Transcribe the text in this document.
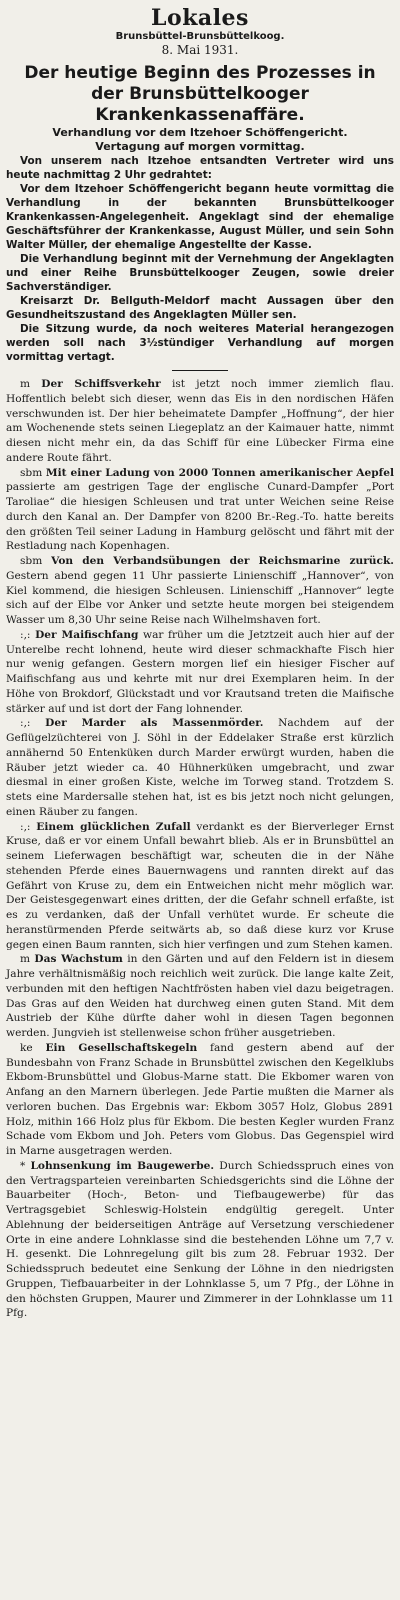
Lokales
Brunsbüttel-Brunsbüttelkoog.
8. Mai 1931.
Der heutige Beginn des Prozesses in der Brunsbüttelkooger Krankenkassenaffäre.
Verhandlung vor dem Itzehoer Schöffengericht.
Vertagung auf morgen vormittag.

Von unserem nach Itzehoe entsandten Vertreter wird uns heute nachmittag 2 Uhr gedrahtet:

Vor dem Itzehoer Schöffengericht begann heute vormittag die Verhandlung in der bekannten Brunsbüttelkooger Krankenkassen-Angelegenheit. Angeklagt sind der ehemalige Geschäftsführer der Krankenkasse, August Müller, und sein Sohn Walter Müller, der ehemalige Angestellte der Kasse.

Die Verhandlung beginnt mit der Vernehmung der Angeklagten und einer Reihe Brunsbüttelkooger Zeugen, sowie dreier Sachverständiger.

Kreisarzt Dr. Bellguth-Meldorf macht Aussagen über den Gesundheitszustand des Angeklagten Müller sen.

Die Sitzung wurde, da noch weiteres Material herangezogen werden soll nach 3½stündiger Verhandlung auf morgen vormittag vertagt.

m Der Schiffsverkehr ist jetzt noch immer ziemlich flau. Hoffentlich belebt sich dieser, wenn das Eis in den nordischen Häfen verschwunden ist. Der hier beheimatete Dampfer „Hoffnung“, der hier am Wochenende stets seinen Liegeplatz an der Kaimauer hatte, nimmt diesen nicht mehr ein, da das Schiff für eine Lübecker Firma eine andere Route fährt.

sbm Mit einer Ladung von 2000 Tonnen amerikanischer Aepfel passierte am gestrigen Tage der englische Cunard-Dampfer „Port Taroliae“ die hiesigen Schleusen und trat unter Weichen seine Reise durch den Kanal an. Der Dampfer von 8200 Br.-Reg.-To. hatte bereits den größten Teil seiner Ladung in Hamburg gelöscht und fährt mit der Restladung nach Kopenhagen.

sbm Von den Verbandsübungen der Reichsmarine zurück. Gestern abend gegen 11 Uhr passierte Linienschiff „Hannover“, von Kiel kommend, die hiesigen Schleusen. Linienschiff „Hannover“ legte sich auf der Elbe vor Anker und setzte heute morgen bei steigendem Wasser um 8,30 Uhr seine Reise nach Wilhelmshaven fort.

:,: Der Maifischfang war früher um die Jetztzeit auch hier auf der Unterelbe recht lohnend, heute wird dieser schmackhafte Fisch hier nur wenig gefangen. Gestern morgen lief ein hiesiger Fischer auf Maifischfang aus und kehrte mit nur drei Exemplaren heim. In der Höhe von Brokdorf, Glückstadt und vor Krautsand treten die Maifische stärker auf und ist dort der Fang lohnender.

:,: Der Marder als Massenmörder. Nachdem auf der Geflügelzüchterei von J. Söhl in der Eddelaker Straße erst kürzlich annähernd 50 Entenküken durch Marder erwürgt wurden, haben die Räuber jetzt wieder ca. 40 Hühnerküken umgebracht, und zwar diesmal in einer großen Kiste, welche im Torweg stand. Trotzdem S. stets eine Mardersalle stehen hat, ist es bis jetzt noch nicht gelungen, einen Räuber zu fangen.

:,: Einem glücklichen Zufall verdankt es der Bierverleger Ernst Kruse, daß er vor einem Unfall bewahrt blieb. Als er in Brunsbüttel an seinem Lieferwagen beschäftigt war, scheuten die in der Nähe stehenden Pferde eines Bauernwagens und rannten direkt auf das Gefährt von Kruse zu, dem ein Entweichen nicht mehr möglich war. Der Geistesgegenwart eines dritten, der die Gefahr schnell erfaßte, ist es zu verdanken, daß der Unfall verhütet wurde. Er scheute die heranstürmenden Pferde seitwärts ab, so daß diese kurz vor Kruse gegen einen Baum rannten, sich hier verfingen und zum Stehen kamen.

m Das Wachstum in den Gärten und auf den Feldern ist in diesem Jahre verhältnismäßig noch reichlich weit zurück. Die lange kalte Zeit, verbunden mit den heftigen Nachtfrösten haben viel dazu beigetragen. Das Gras auf den Weiden hat durchweg einen guten Stand. Mit dem Austrieb der Kühe dürfte daher wohl in diesen Tagen begonnen werden. Jungvieh ist stellenweise schon früher ausgetrieben.

ke Ein Gesellschaftskegeln fand gestern abend auf der Bundesbahn von Franz Schade in Brunsbüttel zwischen den Kegelklubs Ekbom-Brunsbüttel und Globus-Marne statt. Die Ekbomer waren von Anfang an den Marnern überlegen. Jede Partie mußten die Marner als verloren buchen. Das Ergebnis war: Ekbom 3057 Holz, Globus 2891 Holz, mithin 166 Holz plus für Ekbom. Die besten Kegler wurden Franz Schade vom Ekbom und Joh. Peters vom Globus. Das Gegenspiel wird in Marne ausgetragen werden.

* Lohnsenkung im Baugewerbe. Durch Schiedsspruch eines von den Vertragsparteien vereinbarten Schiedsgerichts sind die Löhne der Bauarbeiter (Hoch-, Beton- und Tiefbaugewerbe) für das Vertragsgebiet Schleswig-Holstein endgültig geregelt. Unter Ablehnung der beiderseitigen Anträge auf Versetzung verschiedener Orte in eine andere Lohnklasse sind die bestehenden Löhne um 7,7 v. H. gesenkt. Die Lohnregelung gilt bis zum 28. Februar 1932. Der Schiedsspruch bedeutet eine Senkung der Löhne in den niedrigsten Gruppen, Tiefbauarbeiter in der Lohnklasse 5, um 7 Pfg., der Löhne in den höchsten Gruppen, Maurer und Zimmerer in der Lohnklasse um 11 Pfg.
